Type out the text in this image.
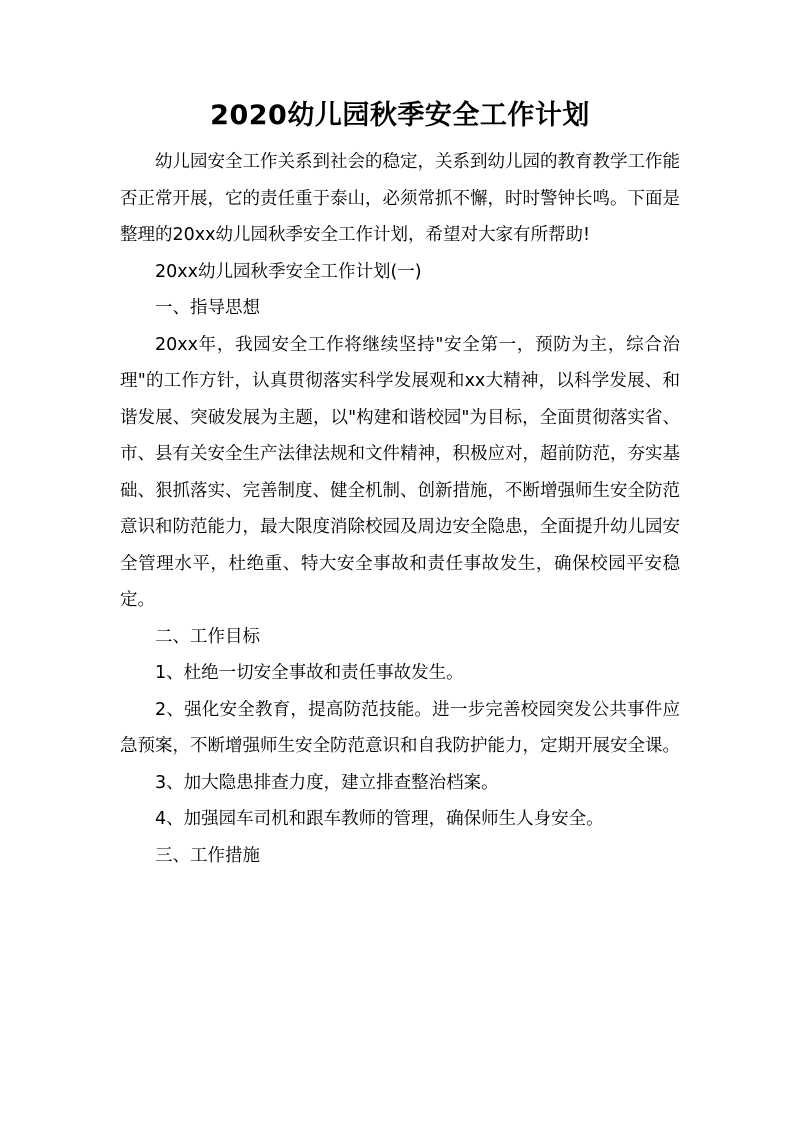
2020幼儿园秋季安全工作计划

幼儿园安全工作关系到社会的稳定，关系到幼儿园的教育教学工作能否正常开展，它的责任重于泰山，必须常抓不懈，时时警钟长鸣。下面是整理的20xx幼儿园秋季安全工作计划，希望对大家有所帮助!

20xx幼儿园秋季安全工作计划(一)

一、指导思想

20xx年，我园安全工作将继续坚持"安全第一，预防为主，综合治理"的工作方针，认真贯彻落实科学发展观和xx大精神，以科学发展、和谐发展、突破发展为主题，以"构建和谐校园"为目标，全面贯彻落实省、市、县有关安全生产法律法规和文件精神，积极应对，超前防范，夯实基础、狠抓落实、完善制度、健全机制、创新措施，不断增强师生安全防范意识和防范能力，最大限度消除校园及周边安全隐患，全面提升幼儿园安全管理水平，杜绝重、特大安全事故和责任事故发生，确保校园平安稳定。

二、工作目标

1、杜绝一切安全事故和责任事故发生。

2、强化安全教育，提高防范技能。进一步完善校园突发公共事件应急预案，不断增强师生安全防范意识和自我防护能力，定期开展安全课。

3、加大隐患排查力度，建立排查整治档案。

4、加强园车司机和跟车教师的管理，确保师生人身安全。

三、工作措施
